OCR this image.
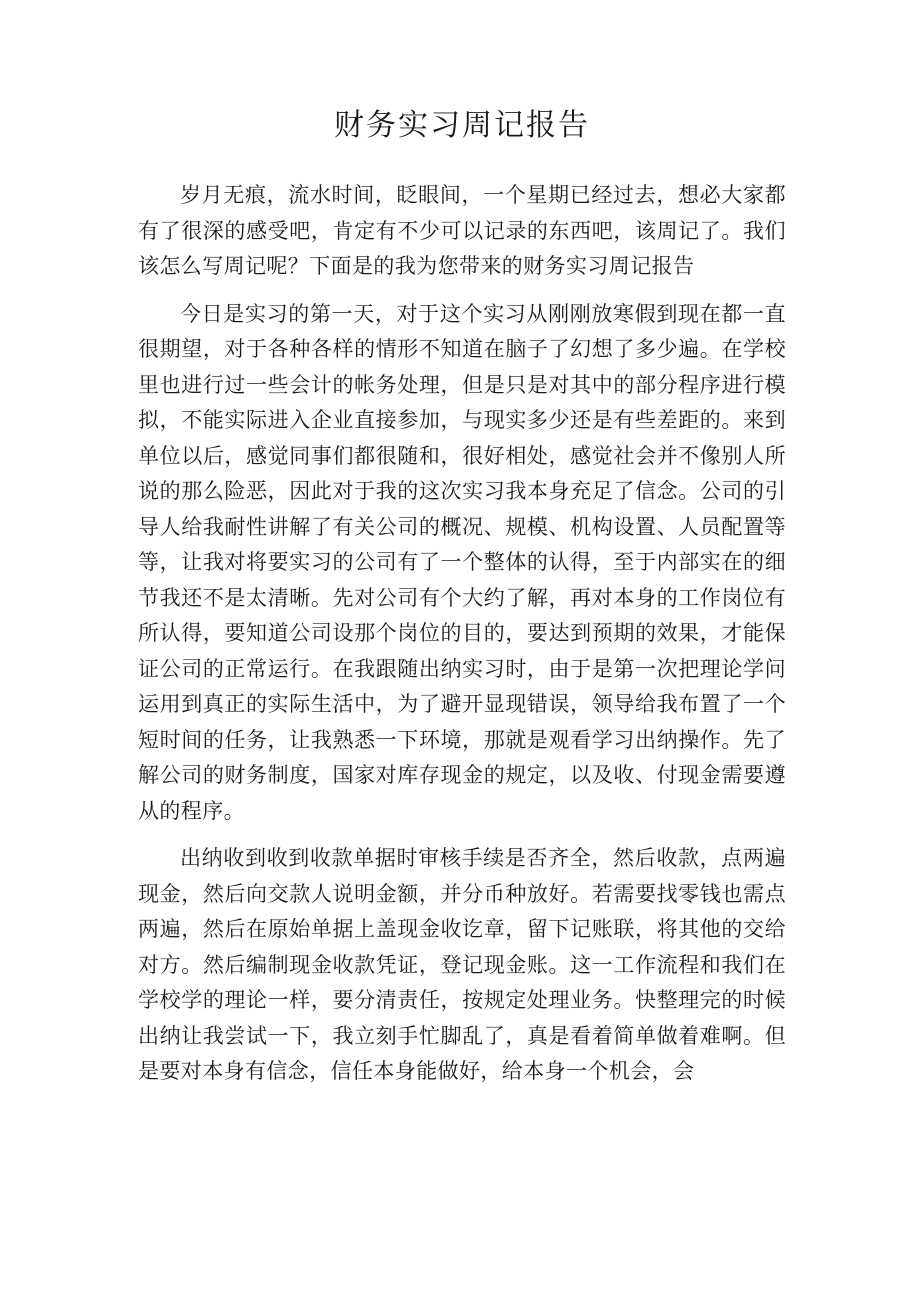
财务实习周记报告

岁月无痕，流水时间，眨眼间，一个星期已经过去，想必大家都有了很深的感受吧，肯定有不少可以记录的东西吧，该周记了。我们该怎么写周记呢？下面是的我为您带来的财务实习周记报告

今日是实习的第一天，对于这个实习从刚刚放寒假到现在都一直很期望，对于各种各样的情形不知道在脑子了幻想了多少遍。在学校里也进行过一些会计的帐务处理，但是只是对其中的部分程序进行模拟，不能实际进入企业直接参加，与现实多少还是有些差距的。来到单位以后，感觉同事们都很随和，很好相处，感觉社会并不像别人所说的那么险恶，因此对于我的这次实习我本身充足了信念。公司的引导人给我耐性讲解了有关公司的概况、规模、机构设置、人员配置等等，让我对将要实习的公司有了一个整体的认得，至于内部实在的细节我还不是太清晰。先对公司有个大约了解，再对本身的工作岗位有所认得，要知道公司设那个岗位的目的，要达到预期的效果，才能保证公司的正常运行。在我跟随出纳实习时，由于是第一次把理论学问运用到真正的实际生活中，为了避开显现错误，领导给我布置了一个短时间的任务，让我熟悉一下环境，那就是观看学习出纳操作。先了解公司的财务制度，国家对库存现金的规定，以及收、付现金需要遵从的程序。

出纳收到收到收款单据时审核手续是否齐全，然后收款，点两遍现金，然后向交款人说明金额，并分币种放好。若需要找零钱也需点两遍，然后在原始单据上盖现金收讫章，留下记账联，将其他的交给对方。然后编制现金收款凭证，登记现金账。这一工作流程和我们在学校学的理论一样，要分清责任，按规定处理业务。快整理完的时候出纳让我尝试一下，我立刻手忙脚乱了，真是看着简单做着难啊。但是要对本身有信念，信任本身能做好，给本身一个机会，会
